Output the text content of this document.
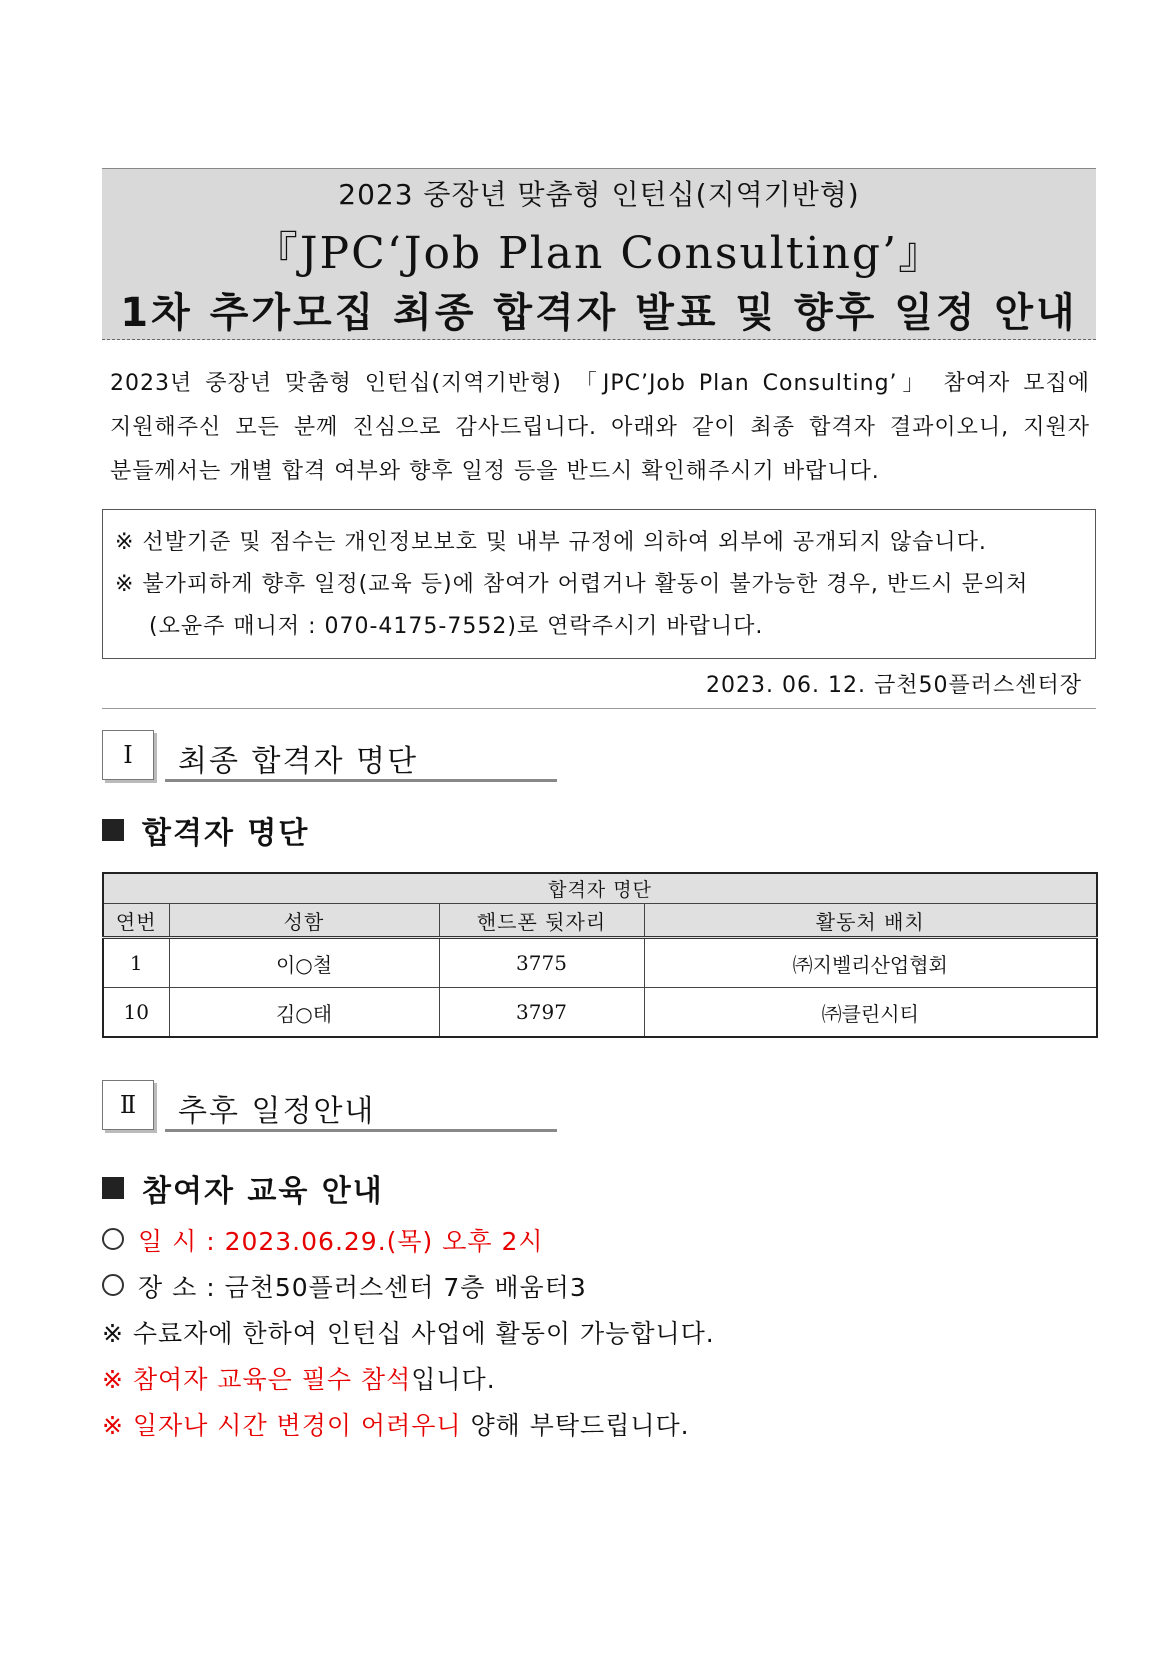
2023 중장년 맞춤형 인턴십(지역기반형)
『JPC‘Job Plan Consulting’』
1차 추가모집 최종 합격자 발표 및 향후 일정 안내

2023년 중장년 맞춤형 인턴십(지역기반형) 「JPC’Job Plan Consulting’」 참여자 모집에

지원해주신 모든 분께 진심으로 감사드립니다. 아래와 같이 최종 합격자 결과이오니, 지원자

분들께서는 개별 합격 여부와 향후 일정 등을 반드시 확인해주시기 바랍니다.

※ 선발기준 및 점수는 개인정보보호 및 내부 규정에 의하여 외부에 공개되지 않습니다.
※ 불가피하게 향후 일정(교육 등)에 참여가 어렵거나 활동이 불가능한 경우, 반드시 문의처
(오윤주 매니저 : 070-4175-7552)로 연락주시기 바랍니다.
2023. 06. 12. 금천50플러스센터장
Ⅰ	최종 합격자 명단
합격자 명단
합격자 명단			
연번	성함	핸드폰 뒷자리	활동처 배치
1	이○철	3775	㈜지벨리산업협회
10	김○태	3797	㈜클린시티
Ⅱ	추후 일정안내
참여자 교육 안내
일 시 : 2023.06.29.(목) 오후 2시
장 소 : 금천50플러스센터 7층 배움터3
※ 수료자에 한하여 인턴십 사업에 활동이 가능합니다.
※ 참여자 교육은 필수 참석입니다.
※ 일자나 시간 변경이 어려우니 양해 부탁드립니다.
